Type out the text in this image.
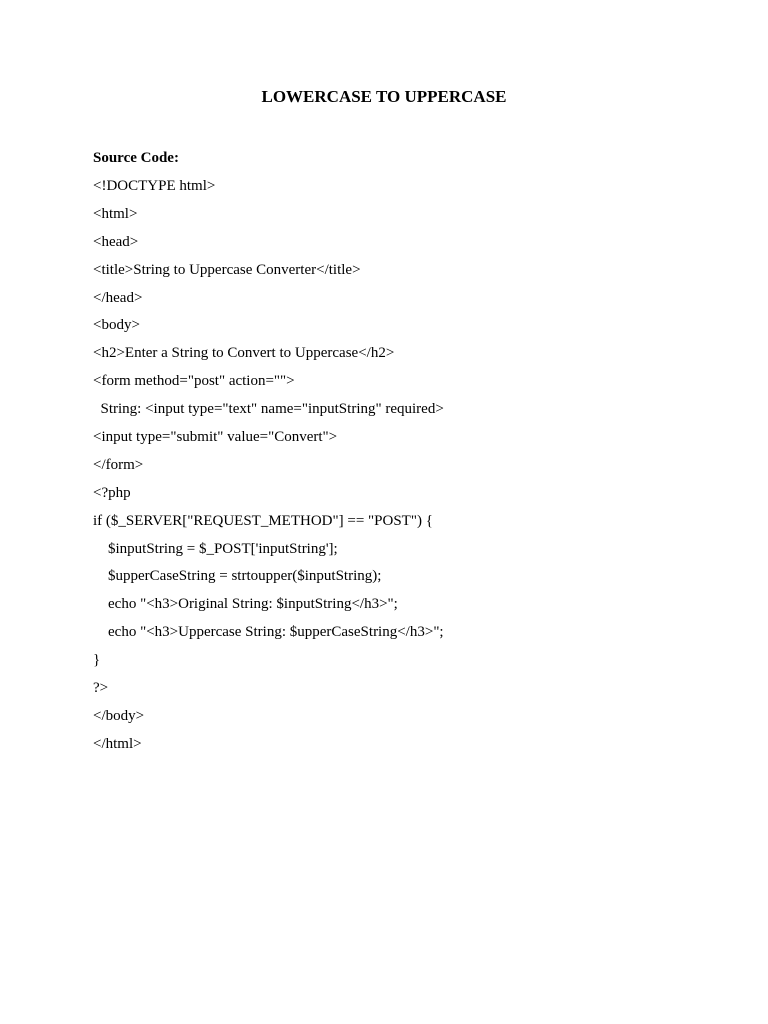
LOWERCASE TO UPPERCASE
Source Code:
<!DOCTYPE html>
<html>
<head>
<title>String to Uppercase Converter</title>
</head>
<body>
<h2>Enter a String to Convert to Uppercase</h2>
<form method="post" action="">
String: <input type="text" name="inputString" required>
<input type="submit" value="Convert">
</form>
<?php
if ($_SERVER["REQUEST_METHOD"] == "POST") {
$inputString = $_POST['inputString'];
$upperCaseString = strtoupper($inputString);
echo "<h3>Original String: $inputString</h3>";
echo "<h3>Uppercase String: $upperCaseString</h3>";
}
?>
</body>
</html>
